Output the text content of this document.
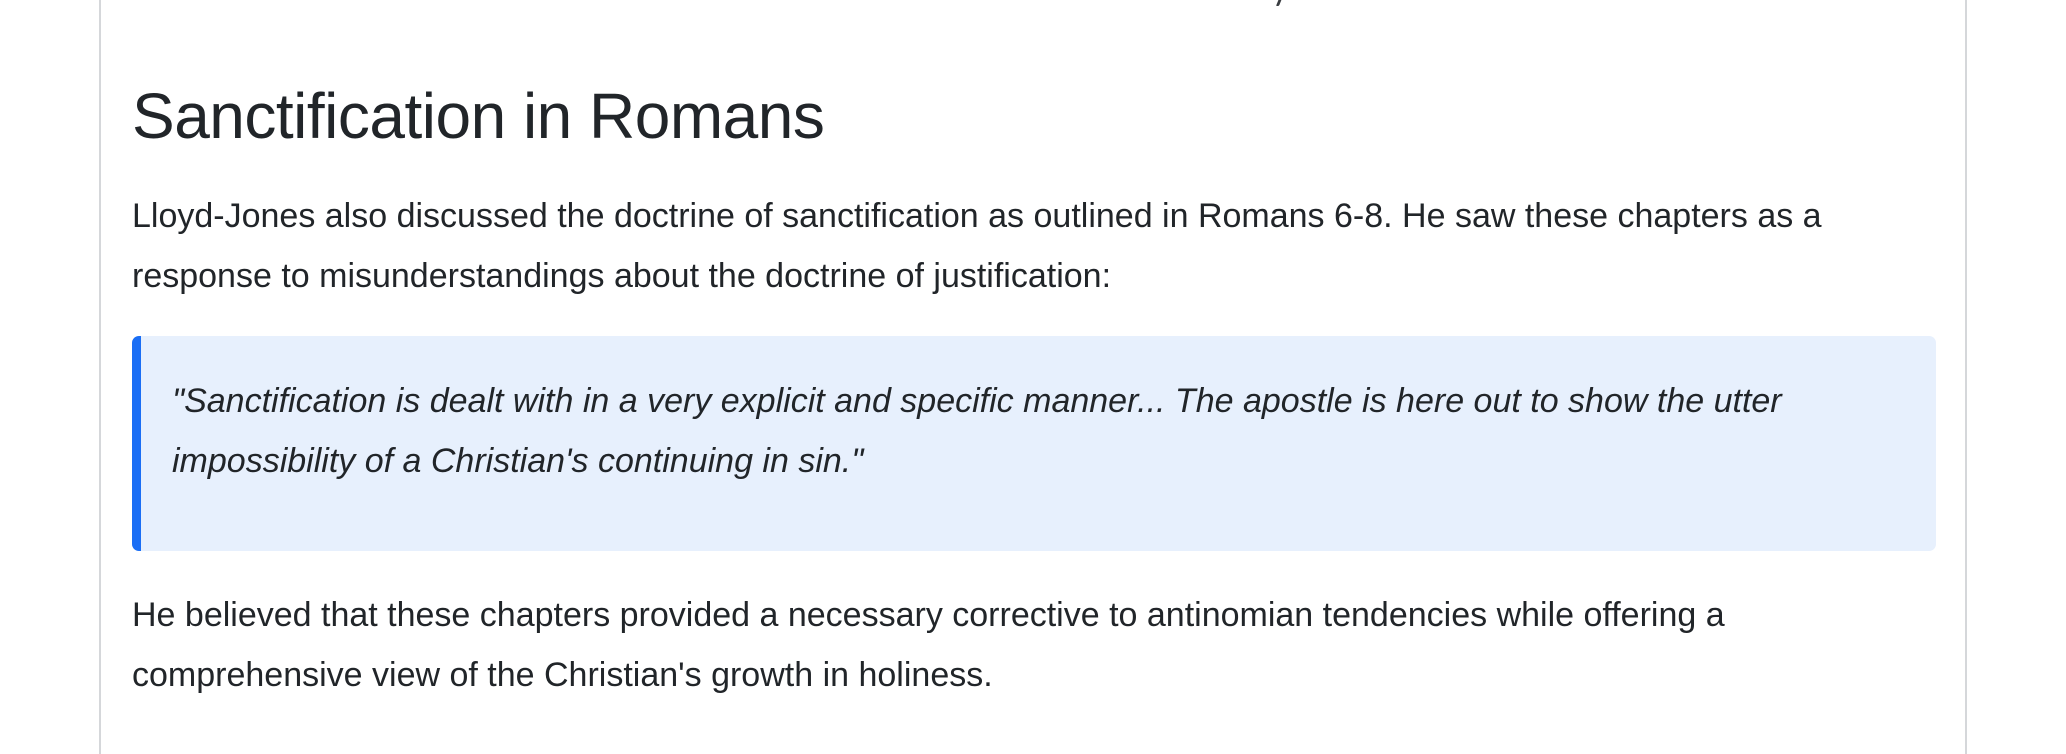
Sanctification in Romans

Lloyd-Jones also discussed the doctrine of sanctification as outlined in Romans 6-8. He saw these chapters as a response to misunderstandings about the doctrine of justification:

"Sanctification is dealt with in a very explicit and specific manner... The apostle is here out to show the utter impossibility of a Christian's continuing in sin."

He believed that these chapters provided a necessary corrective to antinomian tendencies while offering a comprehensive view of the Christian's growth in holiness.
